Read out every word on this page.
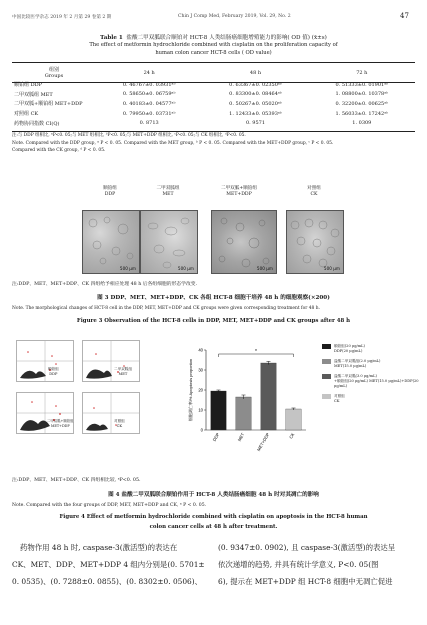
中国比较医学杂志 2019 年 2 月第 29 卷第 2 期	Chin J Comp Med, February 2019, Vol. 29, No. 2	47
Table 1 盐酸二甲双胍联合顺铂对 HCT-8 人类结肠癌细胞增殖能力的影响( OD 值) (x̄±s)
The effect of metformin hydrochloride combined with cisplatin on the proliferation capacity of
human colon cancer HCT-8 cells ( OD value)
组别
Groups	24 h	48 h	72 h
顺铂组 DDP	0. 46767±0. 03931ᵃᵇ	0. 63367±0. 02350ᵃᵇ	0. 51333±0. 01901ᵃᵇ
二甲双胍组 MET	0. 58650±0. 06759ᵃᵇ	0. 83300±0. 08464ᵃᵇ	1. 08800±0. 10378ᵃᵇ
二甲双胍+顺铂组 MET+DDP	0. 40183±0. 04577ᵃᵇ	0. 50267±0. 05020ᵃᵇ	0. 32200±0. 00625ᵃᵇ
对照组 CK	0. 79950±0. 03731ᵃᵇ	1. 12433±0. 05393ᵃᵇ	1. 56033±0. 17242ᵃᵇ
药物协同指数 CI(Q)	0. 8713	0. 9571	1. 0309
注:与 DDP 组相比, ᵃP<0. 05;与 MET 组相比, ᵇP<0. 05;与 MET+DDP 组相比, ᶜP<0. 05;与 CK 组相比, ᵈP<0. 05.
Note. Compared with the DDP group, ᵃ P < 0. 05. Compared with the MET group, ᵇ P < 0. 05. Compared with the MET+DDP group, ᶜ P < 0. 05.
Compared with the CK group, ᵈ P < 0. 05.
顺铂组
DDP
二甲双胍组
MET
二甲双胍+顺铂组
MET+DDP
对照组
CK
500 μm	500 μm	500 μm	500 μm
注:DDP、MET、MET+DDP、CK 四组给予相应处理 48 h 后各组细胞的形态学改变.
图 3 DDP、MET、MET+DDP、CK 各组 HCT-8 细胞干培养 48 h 的细胞观察(×200)
Note. The morphological changes of HCT-8 cell in the DDP, MET, MET+DDP and CK groups were given corresponding treatment for 48 h.
Figure 3 Observation of the HCT-8 cells in DDP, MET, MET+DDP and CK groups after 48 h
顺铂组
DDP
二甲双胍组
MET
二甲双胍+顺铂组
MET+DDP
对照组
CK
0
10
20
30
40
细胞凋亡率/% Apoptosis proportion
DDP	MET	MET+DDP	CK
*
顺铂组(20 μg/mL)
DDP(20 μg/mL)
盐酸二甲双胍组(2.0 μg/mL)
MET(15.0 μg/mL)
盐酸二甲双胍(3.0 μg/mL)
+顺铂组(20 μg/mL) MET(15.0 μg/mL)+DDP(20 μg/mL)
对照组
CK
注:DDP、MET、MET+DDP、CK 四组相比较, ᵃP<0. 05.
图 4 盐酸二甲双胍联合顺铂作用于 HCT-8 人类结肠癌细胞 48 h 时对其凋亡的影响
Note. Compared with the four groups of DDP, MET, MET+DDP and CK, ᵃ P < 0. 05.
Figure 4 Effect of metformin hydrochloride combined with cisplatin on apoptosis in the HCT-8 human
colon cancer cells at 48 h after treatment.
药物作用 48 h 时, caspase-3(激活型)的表达在
CK、MET、DDP、MET+DDP 4 组内分别是(0. 5701±
0. 0535)、(0. 7288±0. 0855)、(0. 8302±0. 0506)、
(0. 9347±0. 0902), 且 caspase-3(激活型)的表达呈
依次递增的趋势, 并具有统计学意义, P<0. 05(图
6), 提示在 MET+DDP 组 HCT-8 细胞中无凋亡促进
